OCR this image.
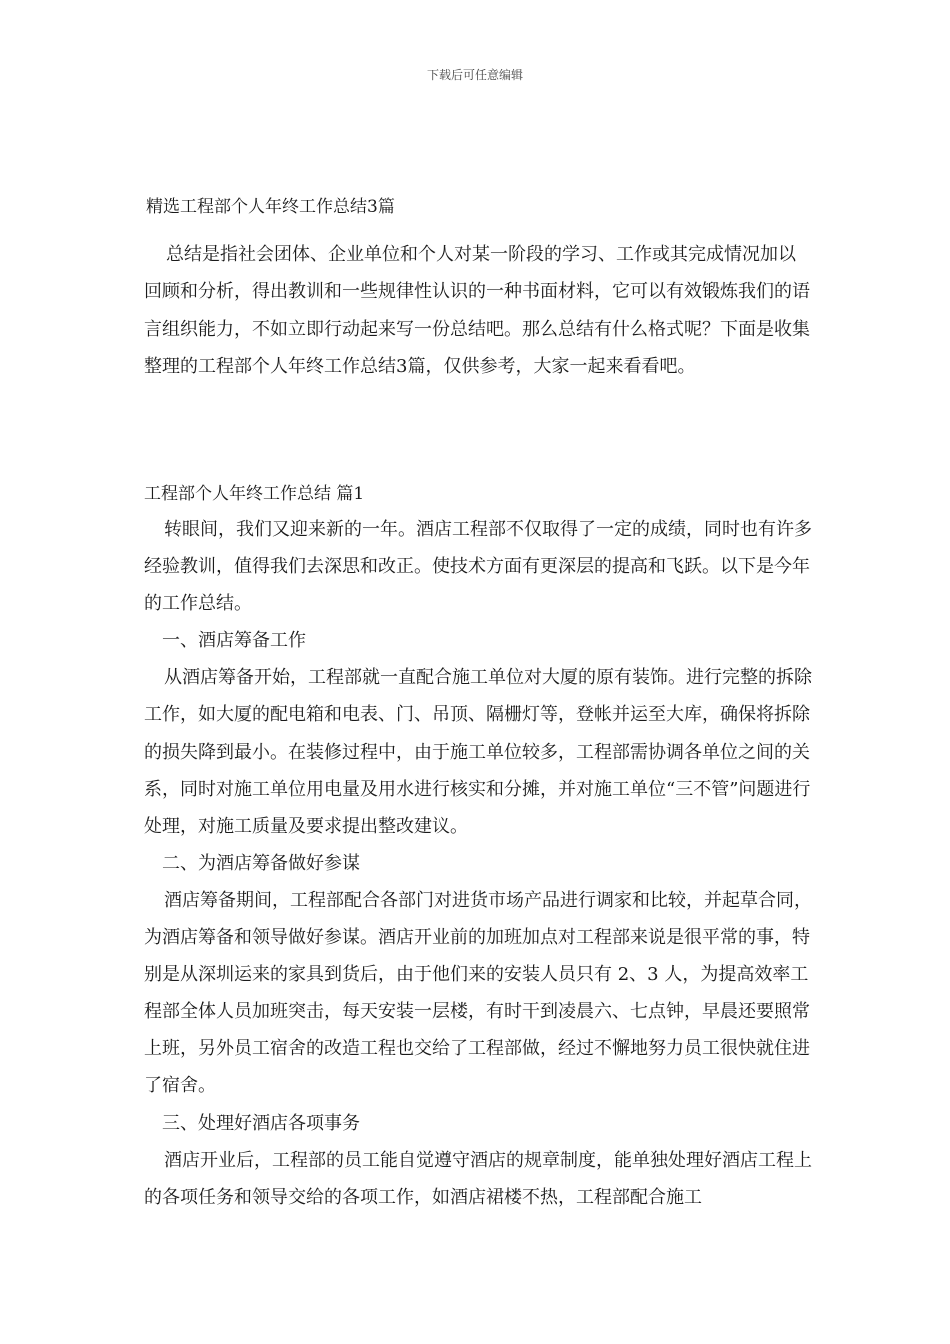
下载后可任意编辑
精选工程部个人年终工作总结3篇

总结是指社会团体、企业单位和个人对某一阶段的学习、工作或其完成情况加以回顾和分析，得出教训和一些规律性认识的一种书面材料，它可以有效锻炼我们的语言组织能力，不如立即行动起来写一份总结吧。那么总结有什么格式呢？下面是收集整理的工程部个人年终工作总结3篇，仅供参考，大家一起来看看吧。

工程部个人年终工作总结 篇1

转眼间，我们又迎来新的一年。酒店工程部不仅取得了一定的成绩，同时也有许多经验教训，值得我们去深思和改正。使技术方面有更深层的提高和飞跃。以下是今年的工作总结。

一、酒店筹备工作

从酒店筹备开始，工程部就一直配合施工单位对大厦的原有装饰。进行完整的拆除工作，如大厦的配电箱和电表、门、吊顶、隔栅灯等，登帐并运至大库，确保将拆除的损失降到最小。在装修过程中，由于施工单位较多，工程部需协调各单位之间的关系，同时对施工单位用电量及用水进行核实和分摊，并对施工单位“三不管”问题进行处理，对施工质量及要求提出整改建议。

二、为酒店筹备做好参谋

酒店筹备期间，工程部配合各部门对进货市场产品进行调家和比较，并起草合同，为酒店筹备和领导做好参谋。酒店开业前的加班加点对工程部来说是很平常的事，特别是从深圳运来的家具到货后，由于他们来的安装人员只有 2、3 人，为提高效率工程部全体人员加班突击，每天安装一层楼，有时干到凌晨六、七点钟，早晨还要照常上班，另外员工宿舍的改造工程也交给了工程部做，经过不懈地努力员工很快就住进了宿舍。

三、处理好酒店各项事务

酒店开业后，工程部的员工能自觉遵守酒店的规章制度，能单独处理好酒店工程上的各项任务和领导交给的各项工作，如酒店裙楼不热，工程部配合施工
